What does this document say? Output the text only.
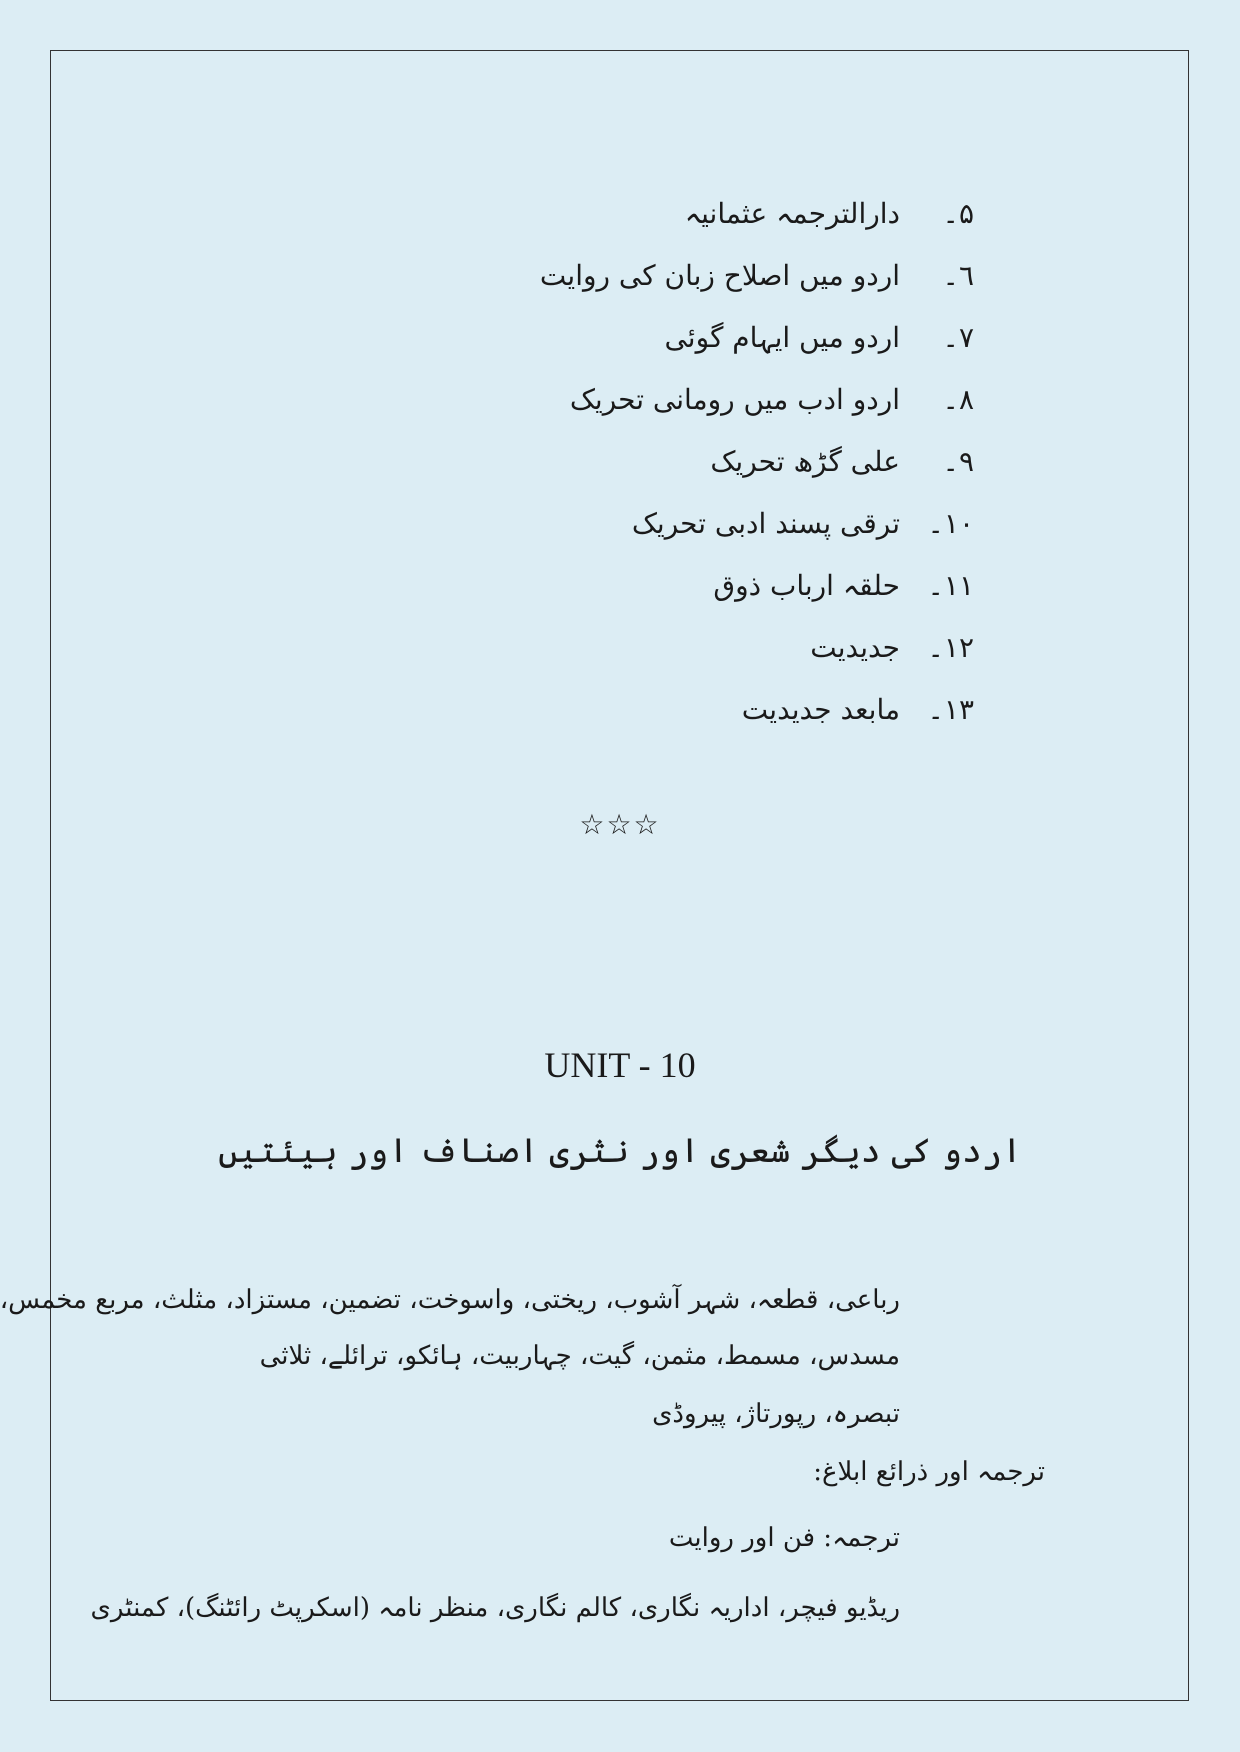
۵۔
دارالترجمہ عثمانیہ
٦۔
اردو میں اصلاح زبان کی روایت
۷۔
اردو میں ایہام گوئی
۸۔
اردو ادب میں رومانی تحریک
۹۔
علی گڑھ تحریک
۱۰۔
ترقی پسند ادبی تحریک
۱۱۔
حلقہ ارباب ذوق
۱۲۔
جدیدیت
۱۳۔
مابعد جدیدیت
☆☆☆
UNIT - 10
اردو کی دیگر شعری اور نثری اصناف اور ہیئتیں
رباعی، قطعہ، شہر آشوب، ریختی، واسوخت، تضمین، مستزاد، مثلث، مربع مخمس،
مسدس، مسمط، مثمن، گیت، چہاربیت، ہائکو، ترائلے، ثلاثی
تبصرہ، رپورتاژ، پیروڈی
ترجمہ اور ذرائع ابلاغ:
ترجمہ: فن اور روایت
ریڈیو فیچر، اداریہ نگاری، کالم نگاری، منظر نامہ (اسکرپٹ رائٹنگ)، کمنٹری
